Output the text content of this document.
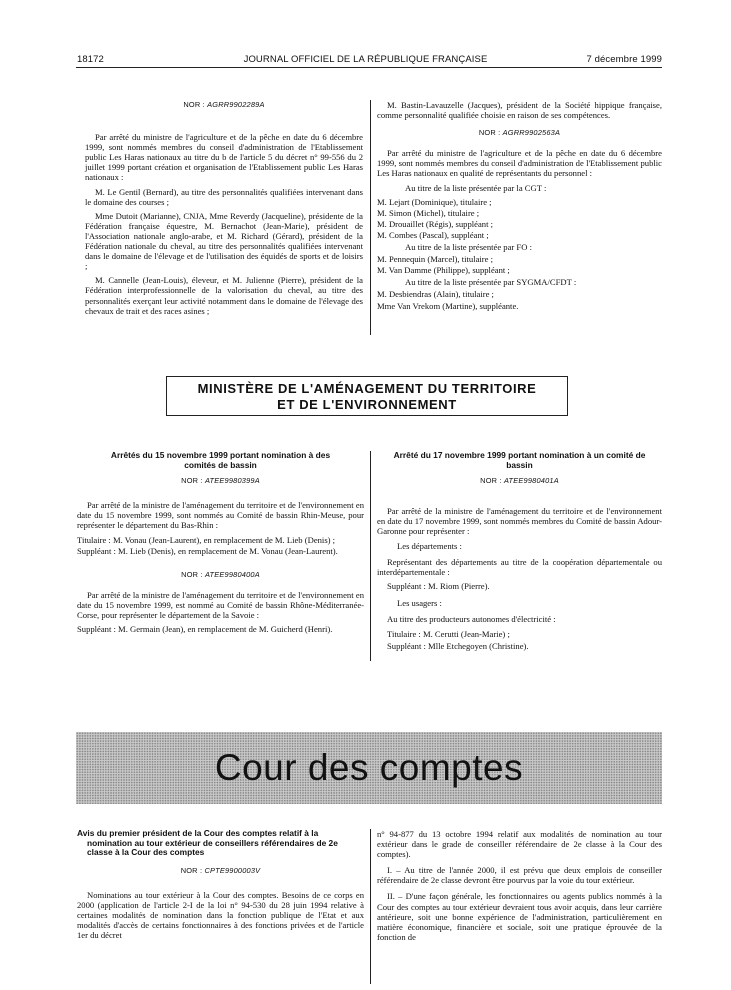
18172	JOURNAL OFFICIEL DE LA RÉPUBLIQUE FRANÇAISE	7 décembre 1999
NOR : AGRR9902289A

Par arrêté du ministre de l'agriculture et de la pêche en date du 6 décembre 1999, sont nommés membres du conseil d'administration de l'Etablissement public Les Haras nationaux au titre du b de l'article 5 du décret n° 99-556 du 2 juillet 1999 portant création et organisation de l'Etablissement public Les Haras nationaux :

M. Le Gentil (Bernard), au titre des personnalités qualifiées intervenant dans le domaine des courses ;

Mme Dutoit (Marianne), CNJA, Mme Reverdy (Jacqueline), présidente de la Fédération française équestre, M. Bernachot (Jean-Marie), président de l'Association nationale anglo-arabe, et M. Richard (Gérard), président de la Fédération nationale du cheval, au titre des personnalités qualifiées intervenant dans le domaine de l'élevage et de l'utilisation des équidés de sports et de loisirs ;

M. Cannelle (Jean-Louis), éleveur, et M. Julienne (Pierre), président de la Fédération interprofessionnelle de la valorisation du cheval, au titre des personnalités exerçant leur activité notamment dans le domaine de l'élevage des chevaux de trait et des races asines ;

M. Bastin-Lavauzelle (Jacques), président de la Société hippique française, comme personnalité qualifiée choisie en raison de ses compétences.

NOR : AGRR9902563A

Par arrêté du ministre de l'agriculture et de la pêche en date du 6 décembre 1999, sont nommés membres du conseil d'administration de l'Etablissement public Les Haras nationaux en qualité de représentants du personnel :

Au titre de la liste présentée par la CGT :

M. Lejart (Dominique), titulaire ;

M. Simon (Michel), titulaire ;

M. Drouaillet (Régis), suppléant ;

M. Combes (Pascal), suppléant ;

Au titre de la liste présentée par FO :

M. Pennequin (Marcel), titulaire ;

M. Van Damme (Philippe), suppléant ;

Au titre de la liste présentée par SYGMA/CFDT :

M. Desbiendras (Alain), titulaire ;

Mme Van Vrekom (Martine), suppléante.

MINISTÈRE DE L'AMÉNAGEMENT DU TERRITOIRE
ET DE L'ENVIRONNEMENT
Arrêtés du 15 novembre 1999 portant nomination à des comités de bassin
NOR : ATEE9980399A

Par arrêté de la ministre de l'aménagement du territoire et de l'environnement en date du 15 novembre 1999, sont nommés au Comité de bassin Rhin-Meuse, pour représenter le département du Bas-Rhin :

Titulaire : M. Vonau (Jean-Laurent), en remplacement de M. Lieb (Denis) ;

Suppléant : M. Lieb (Denis), en remplacement de M. Vonau (Jean-Laurent).

NOR : ATEE9980400A

Par arrêté de la ministre de l'aménagement du territoire et de l'environnement en date du 15 novembre 1999, est nommé au Comité de bassin Rhône-Méditerranée-Corse, pour représenter le département de la Savoie :

Suppléant : M. Germain (Jean), en remplacement de M. Guicherd (Henri).

Arrêté du 17 novembre 1999 portant nomination à un comité de bassin
NOR : ATEE9980401A

Par arrêté de la ministre de l'aménagement du territoire et de l'environnement en date du 17 novembre 1999, sont nommés membres du Comité de bassin Adour-Garonne pour représenter :

Les départements :

Représentant des départements au titre de la coopération départementale ou interdépartementale :

Suppléant : M. Riom (Pierre).

Les usagers :

Au titre des producteurs autonomes d'électricité :

Titulaire : M. Cerutti (Jean-Marie) ;

Suppléant : Mlle Etchegoyen (Christine).

Cour des comptes
Avis du premier président de la Cour des comptes relatif à la nomination au tour extérieur de conseillers référendaires de 2e classe à la Cour des comptes
NOR : CPTE9900003V

Nominations au tour extérieur à la Cour des comptes. Besoins de ce corps en 2000 (application de l'article 2-I de la loi n° 94-530 du 28 juin 1994 relative à certaines modalités de nomination dans la fonction publique de l'Etat et aux modalités d'accès de certains fonctionnaires à des fonctions privées et de l'article 1er du décret

n° 94-877 du 13 octobre 1994 relatif aux modalités de nomination au tour extérieur dans le grade de conseiller référendaire de 2e classe à la Cour des comptes).

I. – Au titre de l'année 2000, il est prévu que deux emplois de conseiller référendaire de 2e classe devront être pourvus par la voie du tour extérieur.

II. – D'une façon générale, les fonctionnaires ou agents publics nommés à la Cour des comptes au tour extérieur devraient tous avoir acquis, dans leur carrière antérieure, soit une bonne expérience de l'administration, particulièrement en matière économique, financière et sociale, soit une pratique éprouvée de la fonction de
